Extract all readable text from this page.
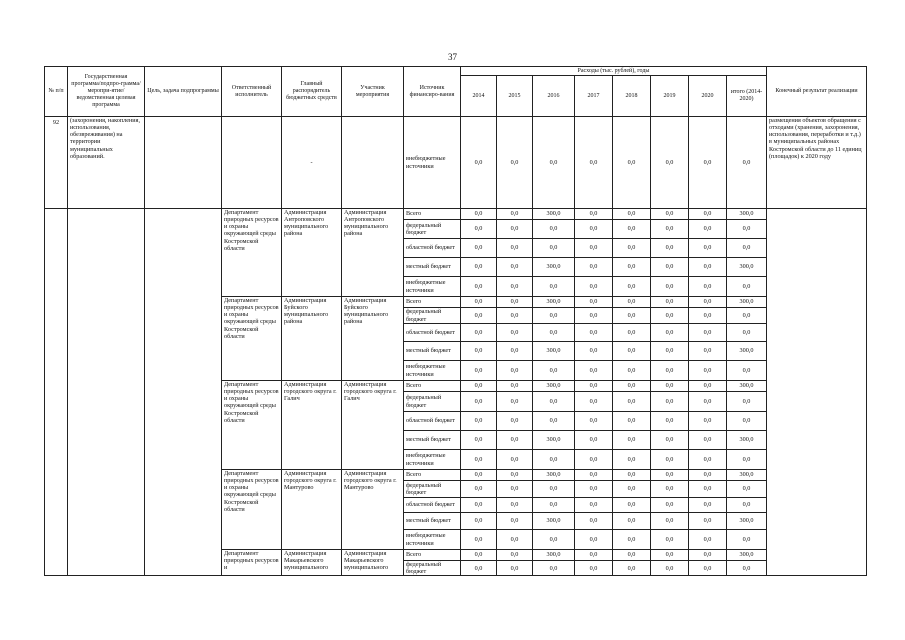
37
№ п/п	Государственная программа/подпро-грамма/меропри-ятие/ведомственная целевая программа	Цель, задача подпрограммы	Ответственный исполнитель	Главный распорядитель бюджетных средств	Участник мероприятия	Источник финансиро-вания	Расходы (тыс. рублей), годы								Конечный результат реализации
							2014	2015	2016	2017	2018	2019	2020	итого (2014-2020)	
92	(захоронения, накопления, использования, обезвреживания) на территории муниципальных образований.			-		внебюджетные источники	0,0	0,0	0,0	0,0	0,0	0,0	0,0	0,0	размещения объектов обращения с отходами (хранения, захоронения, использования, переработки и т.д.) в муниципальных районах Костромской области до 11 единиц (площадок) к 2020 году
			Департамент природных ресурсов и охраны окружающей среды Костромской области	Администрация Антроповского муниципального района	Администрация Антроповского муниципального района	Всего	0,0	0,0	300,0	0,0	0,0	0,0	0,0	300,0	
						федеральный бюджет	0,0	0,0	0,0	0,0	0,0	0,0	0,0	0,0	
						областной бюджет	0,0	0,0	0,0	0,0	0,0	0,0	0,0	0,0	
						местный бюджет	0,0	0,0	300,0	0,0	0,0	0,0	0,0	300,0	
						внебюджетные источники	0,0	0,0	0,0	0,0	0,0	0,0	0,0	0,0	
			Департамент природных ресурсов и охраны окружающей среды Костромской области	Администрация Буйского муниципального района	Администрация Буйского муниципального района	Всего	0,0	0,0	300,0	0,0	0,0	0,0	0,0	300,0	
						федеральный бюджет	0,0	0,0	0,0	0,0	0,0	0,0	0,0	0,0	
						областной бюджет	0,0	0,0	0,0	0,0	0,0	0,0	0,0	0,0	
						местный бюджет	0,0	0,0	300,0	0,0	0,0	0,0	0,0	300,0	
						внебюджетные источники	0,0	0,0	0,0	0,0	0,0	0,0	0,0	0,0	
			Департамент природных ресурсов и охраны окружающей среды Костромской области	Администрация городского округа г. Галич	Администрация городского округа г. Галич	Всего	0,0	0,0	300,0	0,0	0,0	0,0	0,0	300,0	
						федеральный бюджет	0,0	0,0	0,0	0,0	0,0	0,0	0,0	0,0	
						областной бюджет	0,0	0,0	0,0	0,0	0,0	0,0	0,0	0,0	
						местный бюджет	0,0	0,0	300,0	0,0	0,0	0,0	0,0	300,0	
						внебюджетные источники	0,0	0,0	0,0	0,0	0,0	0,0	0,0	0,0	
			Департамент природных ресурсов и охраны окружающей среды Костромской области	Администрация городского округа г. Мантурово	Администрация городского округа г. Мантурово	Всего	0,0	0,0	300,0	0,0	0,0	0,0	0,0	300,0	
						федеральный бюджет	0,0	0,0	0,0	0,0	0,0	0,0	0,0	0,0	
						областной бюджет	0,0	0,0	0,0	0,0	0,0	0,0	0,0	0,0	
						местный бюджет	0,0	0,0	300,0	0,0	0,0	0,0	0,0	300,0	
						внебюджетные источники	0,0	0,0	0,0	0,0	0,0	0,0	0,0	0,0	
			Департамент природных ресурсов и	Администрация Макарьевского муниципального	Администрация Макарьевского муниципального	Всего	0,0	0,0	300,0	0,0	0,0	0,0	0,0	300,0	
						федеральный бюджет	0,0	0,0	0,0	0,0	0,0	0,0	0,0	0,0	
